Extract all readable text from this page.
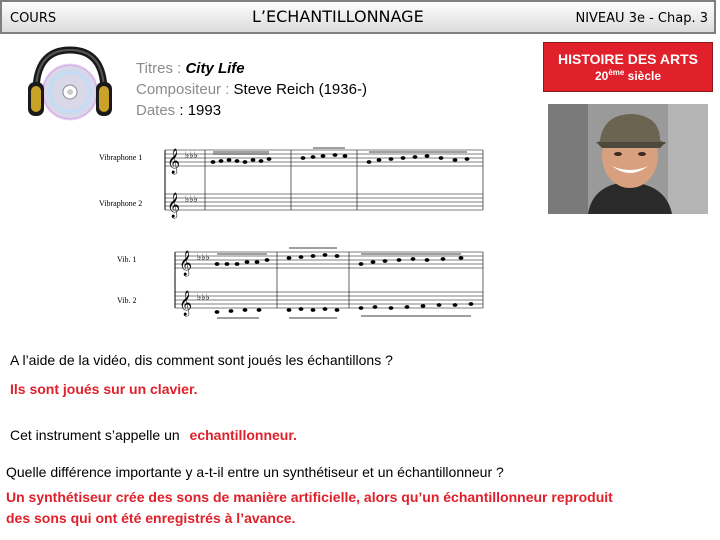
COURS	L’ECHANTILLONNAGE	NIVEAU 3e - Chap. 3
Titres : City Life
Compositeur : Steve Reich (1936-)
Dates : 1993
HISTOIRE DES ARTS
20ème siècle
Vibraphone 1
Vibraphone 2
Vib. 1
Vib. 2
𝄞
𝄞
𝄞
𝄞
♭♭♭
♭♭♭
♭♭♭
♭♭♭
A l’aide de la vidéo, dis comment sont joués les échantillons ?
Ils sont joués sur un clavier.
Cet instrument s’appelle un echantillonneur.
Quelle différence importante y a-t-il entre un synthétiseur et un échantillonneur ?
Un synthétiseur crée des sons de manière artificielle, alors qu’un échantillonneur reproduit
des sons qui ont été enregistrés à l’avance.
